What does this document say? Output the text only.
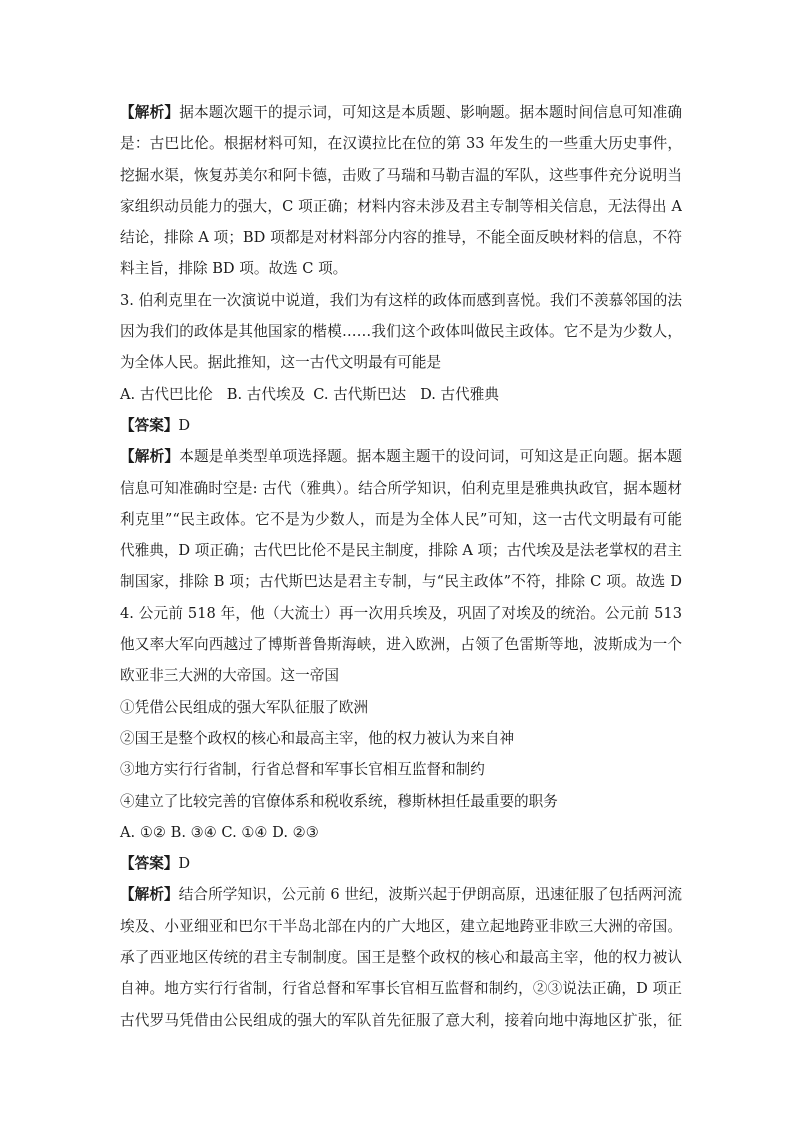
【解析】据本题次题干的提示词，可知这是本质题、影响题。据本题时间信息可知准确
是：古巴比伦。根据材料可知，在汉谟拉比在位的第 33 年发生的一些重大历史事件，
挖掘水渠，恢复苏美尔和阿卡德，击败了马瑞和马勒吉温的军队，这些事件充分说明当
家组织动员能力的强大，C 项正确；材料内容未涉及君主专制等相关信息，无法得出 A
结论，排除 A 项；BD 项都是对材料部分内容的推导，不能全面反映材料的信息，不符
料主旨，排除 BD 项。故选 C 项。
3. 伯利克里在一次演说中说道，我们为有这样的政体而感到喜悦。我们不羡慕邻国的法
因为我们的政体是其他国家的楷模……我们这个政体叫做民主政体。它不是为少数人，
为全体人民。据此推知，这一古代文明最有可能是
A. 古代巴比伦 B. 古代埃及 C. 古代斯巴达 D. 古代雅典
【答案】D
【解析】本题是单类型单项选择题。据本题主题干的设问词，可知这是正向题。据本题
信息可知准确时空是: 古代（雅典）。结合所学知识，伯利克里是雅典执政官，据本题材
利克里”“民主政体。它不是为少数人，而是为全体人民”可知，这一古代文明最有可能
代雅典，D 项正确；古代巴比伦不是民主制度，排除 A 项；古代埃及是法老掌权的君主
制国家，排除 B 项；古代斯巴达是君主专制，与“民主政体”不符，排除 C 项。故选 D
4. 公元前 518 年，他（大流士）再一次用兵埃及，巩固了对埃及的统治。公元前 513
他又率大军向西越过了博斯普鲁斯海峡，进入欧洲，占领了色雷斯等地，波斯成为一个
欧亚非三大洲的大帝国。这一帝国
①凭借公民组成的强大军队征服了欧洲
②国王是整个政权的核心和最高主宰，他的权力被认为来自神
③地方实行行省制，行省总督和军事长官相互监督和制约
④建立了比较完善的官僚体系和税收系统，穆斯林担任最重要的职务
A. ①② B. ③④ C. ①④ D. ②③
【答案】D
【解析】结合所学知识，公元前 6 世纪，波斯兴起于伊朗高原，迅速征服了包括两河流
埃及、小亚细亚和巴尔干半岛北部在内的广大地区，建立起地跨亚非欧三大洲的帝国。
承了西亚地区传统的君主专制制度。国王是整个政权的核心和最高主宰，他的权力被认
自神。地方实行行省制，行省总督和军事长官相互监督和制约，②③说法正确，D 项正
古代罗马凭借由公民组成的强大的军队首先征服了意大利，接着向地中海地区扩张，征
